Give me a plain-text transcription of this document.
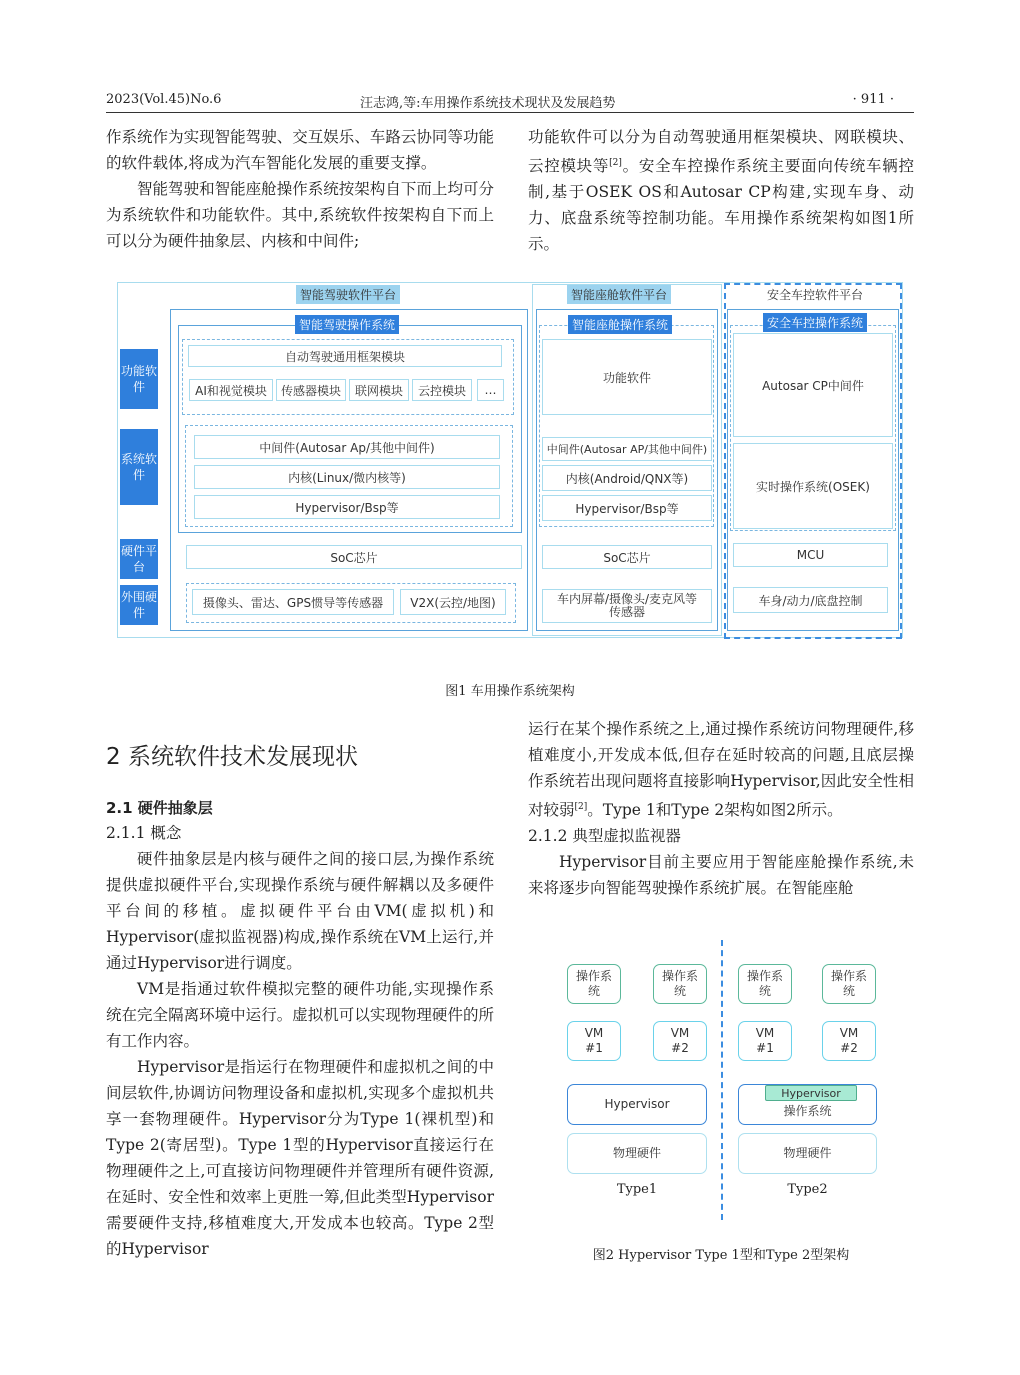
2023(Vol.45)No.6	汪志鸿,等:车用操作系统技术现状及发展趋势	· 911 ·

作系统作为实现智能驾驶、交互娱乐、车路云协同等功能的软件载体,将成为汽车智能化发展的重要支撑。

智能驾驶和智能座舱操作系统按架构自下而上均可分为系统软件和功能软件。其中,系统软件按架构自下而上可以分为硬件抽象层、内核和中间件;

功能软件可以分为自动驾驶通用框架模块、网联模块、云控模块等[2]。安全车控操作系统主要面向传统车辆控制,基于OSEK OS和Autosar CP构建,实现车身、动力、底盘系统等控制功能。车用操作系统架构如图1所示。

功能软件
系统软件
硬件平台
外围硬件
智能驾驶软件平台
智能驾驶操作系统
自动驾驶通用框架模块
AI和视觉模块	传感器模块	联网模块	云控模块	…
中间件(Autosar Ap/其他中间件)
内核(Linux/微内核等)
Hypervisor/Bsp等
SoC芯片
摄像头、雷达、GPS惯导等传感器	V2X(云控/地图)
智能座舱软件平台
智能座舱操作系统
功能软件
中间件(Autosar AP/其他中间件)
内核(Android/QNX等)
Hypervisor/Bsp等
SoC芯片
车内屏幕/摄像头/麦克风等传感器
安全车控软件平台
安全车控操作系统
Autosar CP中间件
实时操作系统(OSEK)
MCU
车身/动力/底盘控制
图1 车用操作系统架构
2 系统软件技术发展现状
2.1 硬件抽象层
2.1.1 概念

硬件抽象层是内核与硬件之间的接口层,为操作系统提供虚拟硬件平台,实现操作系统与硬件解耦以及多硬件平台间的移植。虚拟硬件平台由VM(虚拟机)和Hypervisor(虚拟监视器)构成,操作系统在VM上运行,并通过Hypervisor进行调度。

VM是指通过软件模拟完整的硬件功能,实现操作系统在完全隔离环境中运行。虚拟机可以实现物理硬件的所有工作内容。

Hypervisor是指运行在物理硬件和虚拟机之间的中间层软件,协调访问物理设备和虚拟机,实现多个虚拟机共享一套物理硬件。Hypervisor分为Type 1(裸机型)和Type 2(寄居型)。Type 1型的Hypervisor直接运行在物理硬件之上,可直接访问物理硬件并管理所有硬件资源,在延时、安全性和效率上更胜一筹,但此类型Hypervisor需要硬件支持,移植难度大,开发成本也较高。Type 2型的Hypervisor

运行在某个操作系统之上,通过操作系统访问物理硬件,移植难度小,开发成本低,但存在延时较高的问题,且底层操作系统若出现问题将直接影响Hypervisor,因此安全性相对较弱[2]。Type 1和Type 2架构如图2所示。

2.1.2 典型虚拟监视器

Hypervisor目前主要应用于智能座舱操作系统,未来将逐步向智能驾驶操作系统扩展。在智能座舱

操作系统
操作系统
操作系统
操作系统
VM #1
VM #2
VM #1
VM #2
Hypervisor	操作系统
Hypervisor
物理硬件	物理硬件
Type1	Type2
图2 Hypervisor Type 1型和Type 2型架构
